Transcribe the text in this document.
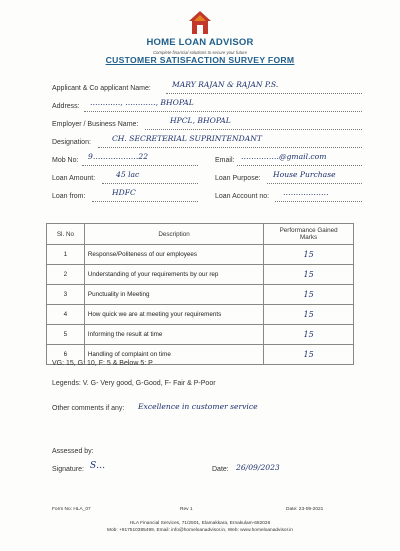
HOME LOAN ADVISOR
Complete financial solutions to secure your future
CUSTOMER SATISFACTION SURVEY FORM
Applicant & Co applicant Name:	MARY RAJAN & RAJAN P.S.
Address: …………, …………, BHOPAL
Employer / Business Name:	HPCL, BHOPAL
Designation:	CH. SECRETERIAL SUPRINTENDANT
Mob No: 9………………22	Email: ……………@gmail.com
Loan Amount:	45 lac	Loan Purpose: House Purchase
Loan from:	HDFC	Loan Account no: ………………
Sl. No	Description	Performance Gained
Marks

1	Response/Politeness of our employees	15
2	Understanding of your requirements by our rep	15
3	Punctuality in Meeting	15
4	How quick we are at meeting your requirements	15
5	Informing the result at time	15
6	Handling of complaint on time	15
VG: 15, G: 10, F: 5 & Below 5: P
Legends: V. G- Very good, G-Good, F- Fair & P-Poor
Other comments if any: Excellence in customer service
Assessed by:
Signature: S…	Date: 26/09/2023
Form No: HLA_07	Rev 1	Date: 23-09-2021
HLA Financial Services, 71/2501, Elamakkara, Ernakulam-682026
Mob: +917510385499, Email: info@homeloanadvisor.in, Web: www.homeloanadvisor.in
